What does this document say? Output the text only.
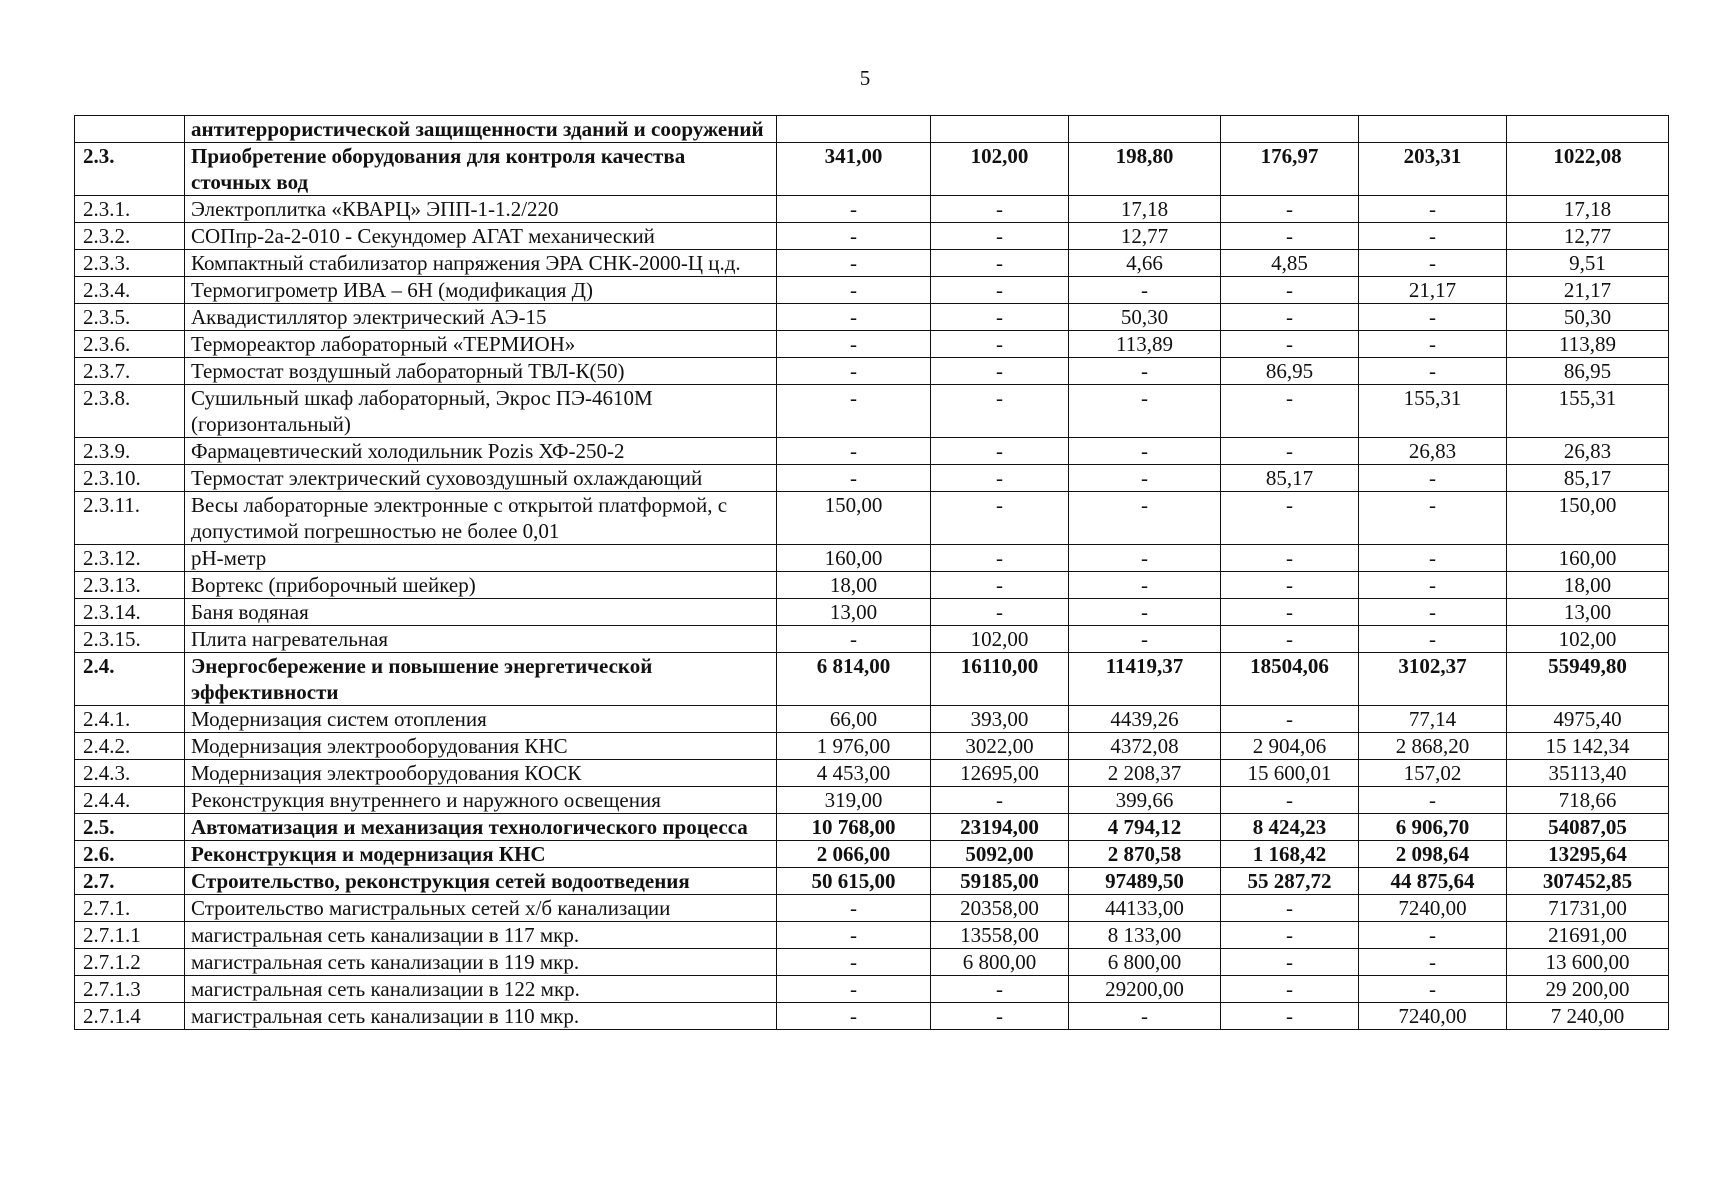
5
	антитеррористической защищенности зданий и сооружений						
2.3.	Приобретение оборудования для контроля качества сточных вод	341,00	102,00	198,80	176,97	203,31	1022,08
2.3.1.	Электроплитка «КВАРЦ» ЭПП-1-1.2/220	-	-	17,18	-	-	17,18
2.3.2.	СОПпр-2а-2-010 - Секундомер АГАТ механический	-	-	12,77	-	-	12,77
2.3.3.	Компактный стабилизатор напряжения ЭРА СНК-2000-Ц ц.д.	-	-	4,66	4,85	-	9,51
2.3.4.	Термогигрометр ИВА – 6Н (модификация Д)	-	-	-	-	21,17	21,17
2.3.5.	Аквадистиллятор электрический АЭ-15	-	-	50,30	-	-	50,30
2.3.6.	Термореактор лабораторный «ТЕРМИОН»	-	-	113,89	-	-	113,89
2.3.7.	Термостат воздушный лабораторный ТВЛ-К(50)	-	-	-	86,95	-	86,95
2.3.8.	Сушильный шкаф лабораторный, Экрос ПЭ-4610М (горизонтальный)	-	-	-	-	155,31	155,31
2.3.9.	Фармацевтический холодильник Pozis ХФ-250-2	-	-	-	-	26,83	26,83
2.3.10.	Термостат электрический суховоздушный охлаждающий	-	-	-	85,17	-	85,17
2.3.11.	Весы лабораторные электронные с открытой платформой, с допустимой погрешностью не более 0,01	150,00	-	-	-	-	150,00
2.3.12.	pH-метр	160,00	-	-	-	-	160,00
2.3.13.	Вортекс (приборочный шейкер)	18,00	-	-	-	-	18,00
2.3.14.	Баня водяная	13,00	-	-	-	-	13,00
2.3.15.	Плита нагревательная	-	102,00	-	-	-	102,00
2.4.	Энергосбережение и повышение энергетической эффективности	6 814,00	16110,00	11419,37	18504,06	3102,37	55949,80
2.4.1.	Модернизация систем отопления	66,00	393,00	4439,26	-	77,14	4975,40
2.4.2.	Модернизация электрооборудования КНС	1 976,00	3022,00	4372,08	2 904,06	2 868,20	15 142,34
2.4.3.	Модернизация электрооборудования КОСК	4 453,00	12695,00	2 208,37	15 600,01	157,02	35113,40
2.4.4.	Реконструкция внутреннего и наружного освещения	319,00	-	399,66	-	-	718,66
2.5.	Автоматизация и механизация технологического процесса	10 768,00	23194,00	4 794,12	8 424,23	6 906,70	54087,05
2.6.	Реконструкция и модернизация КНС	2 066,00	5092,00	2 870,58	1 168,42	2 098,64	13295,64
2.7.	Строительство, реконструкция сетей водоотведения	50 615,00	59185,00	97489,50	55 287,72	44 875,64	307452,85
2.7.1.	Строительство магистральных сетей х/б канализации	-	20358,00	44133,00	-	7240,00	71731,00
2.7.1.1	магистральная сеть канализации в 117 мкр.	-	13558,00	8 133,00	-	-	21691,00
2.7.1.2	магистральная сеть канализации в 119 мкр.	-	6 800,00	6 800,00	-	-	13 600,00
2.7.1.3	магистральная сеть канализации в 122 мкр.	-	-	29200,00	-	-	29 200,00
2.7.1.4	магистральная сеть канализации в 110 мкр.	-	-	-	-	7240,00	7 240,00
